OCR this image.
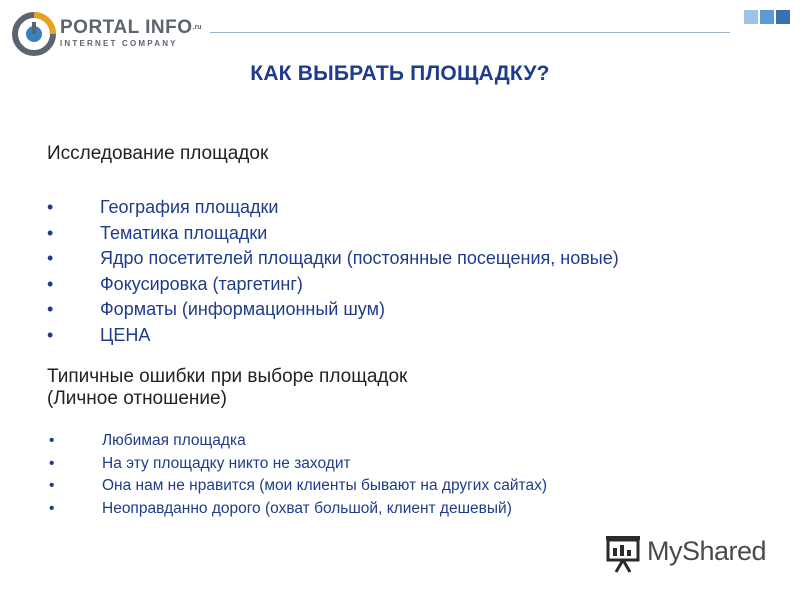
PORTAL $INFO^{.ru}$
INTERNET COMPANY
КАК ВЫБРАТЬ ПЛОЩАДКУ?
Исследование площадок
•	География площадки
•	Тематика площадки
•	Ядро посетителей площадки (постоянные посещения, новые)
•	Фокусировка (таргетинг)
•	Форматы (информационный шум)
•	ЦЕНА
Типичные ошибки при выборе площадок
(Личное отношение)
•	Любимая площадка
•	На эту площадку никто не заходит
•	Она нам не нравится (мои клиенты бывают на других сайтах)
•	Неоправданно дорого (охват большой, клиент дешевый)
MyShared
